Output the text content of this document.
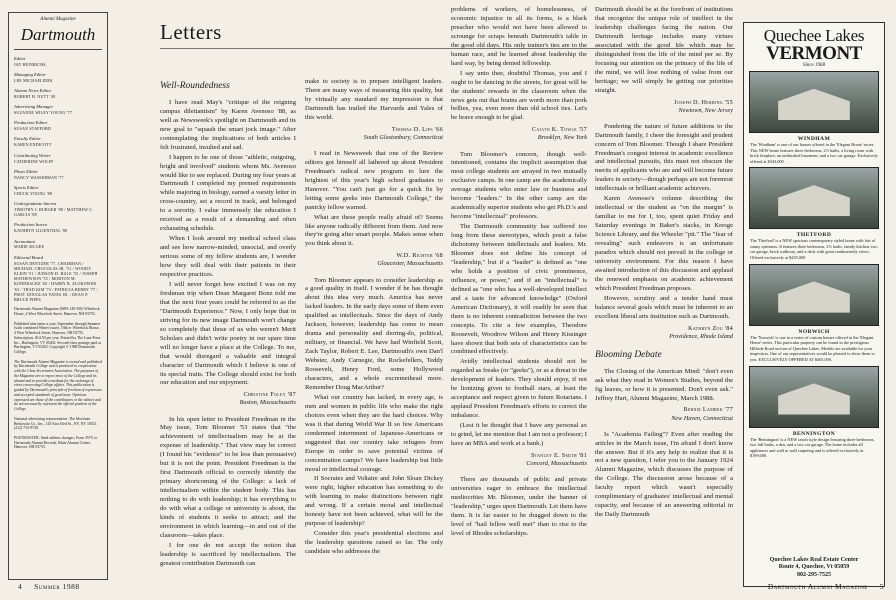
Alumni Magazine
Dartmouth
Editor
JAY HEINRICHS
Managing Editor
LEE MICHAELIDES
Alumni News Editor
ROBERT H. NUTT '49
Advertising Manager
SUZANNE WILEY YOUNG '77
Production Editor
SUSAN STAFFORD
Faculty Editor
KAREN ENDICOTT
Contributing Writer
CATHERINE WOLFF
Photo Editor
NANCY WASSERMAN '77
Sports Editor
CHUCK YOUNG '88
Undergraduate Interns
TIMOTHY J. BURGER '88 / MATTHEW C. GARCIA '88
Production Intern
KATHRYN LILIENTHAL '88
Accountant
MARIE MCGEE
Editorial Board
SUSAN DENTZER '77, CHAIRMAN / MICHAEL CHOCOLAS JR. '51 / WOODY KLEIN '51 / JUDSON D. HALE '55 / JOSEPH MATHEWSON '55 / MORTON M. KONDRACKE '60 / HARRY R. ZLOKOWER '63 / THAD KIM '73 / PATRICIA BERRY '77 / PROF. DOUGLAS YATES JR. / DEAN P. BRUCE PIPES
Dartmouth Alumni Magazine (ISPS 149-560) Wheelock House, 4 West Wheelock Street, Hanover, NH 03755.
Published nine times a year, September through Summer (with combined Winter issue). Office: Wheelock House, 4 West Wheelock Street, Hanover, NH 03755. Subscription, $14.50 per year. Printed by The Lane Press Inc., Burlington, VT 05402. Second-class postage paid at Burlington, VT 05402. Copyright © 1988 Dartmouth College.
The Dartmouth Alumni Magazine is owned and published by Dartmouth College and is produced in cooperation with the Class Secretaries Association. The purposes of the Magazine are to report news of the College and its alumni and to provide a medium for the exchange of views concerning College affairs. This publication is guided by Dartmouth's principle of freedom of expression and accepted standards of good taste. Opinions expressed are those of the contributors or the editors and do not necessarily represent the official position of the College.
National advertising representative: The Mortimer Berkowitz Co., Inc., 145 East 63rd St., NY, NY 10021. (212) 753-9740.
POSTMASTER: Send address changes, Form 3579, to Dartmouth Alumni Records, Blunt Alumni Center, Hanover, NH 03755.
Letters
Well-Roundedness

I have read May's "critique of the reigning campus dilettantism" by Karen Avenoso '88, as well as Newsweek's spotlight on Dartmouth and its new goal to "squash the smart jock image." After contemplating the implications of both articles I felt frustrated, insulted and sad.

I happen to be one of those "athletic, outgoing, bright and involved" students whom Ms. Avenoso would like to see replaced. During my four years at Dartmouth I completed my premed requirements while majoring in biology, earned a varsity letter in cross-country, set a record in track, and belonged to a sorority. I value immensely the education I received as a result of a demanding and often exhausting schedule.

When I look around my medical school class and see how narrow-minded, unsocial, and overly serious some of my fellow students are, I wonder how they will deal with their patients in their respective practices.

I will never forget how excited I was on my freshman trip when Dean Margaret Bonz told me that the next four years could be referred to as the "Dartmouth Experience." Now, I only hope that in striving for its new image Dartmouth won't change so completely that those of us who weren't Merit Scholars and didn't write poetry in our spare time will no longer have a place at the College. To me, that would disregard a valuable and integral character of Dartmouth which I believe is one of its special traits. The College should exist for both our education and our enjoyment.

Christine Foley '87
Boston, Massachusetts

In his open letter to President Freedman in the May issue, Tom Bloomer '53 states that "the achievement of intellectualism may be at the expense of leadership." That view may be correct (I found his "evidence" to be less than persuasive) but it is not the point. President Freedman is the first Dartmouth official to correctly identify the primary shortcoming of the College: a lack of intellectualism within the student body. This has nothing to do with leadership; it has everything to do with what a college or university is about, the kinds of students it seeks to attract; and the environment in which learning—in and out of the classroom—takes place.

I for one do not accept the notion that leadership is sacrificed by intellectualism. The greatest contribution Dartmouth can

make to society is to prepare intelligent leaders. There are many ways of measuring this quality, but by virtually any standard my impression is that Dartmouth has trailed the Harvards and Yales of this world.

Thomas D. Lips '66
South Glastonbury, Connecticut

I read in Newsweek that one of the Review editors got himself all lathered up about President Freedman's radical new program to lure the brightest of this year's high school graduates to Hanover. "You can't just go for a quick fix by letting some geeks into Dartmouth College," the panicky fellow warned.

What are these people really afraid of? Seems like anyone radically different from them. And now they're going after smart people. Makes sense when you think about it.

W.D. Richter '68
Gloucester, Massachusetts

Tom Bloomer appears to consider leadership as a good quality in itself. I wonder if he has thought about this idea very much. America has never lacked leaders. In the early days some of them even qualified as intellectuals. Since the days of Andy Jackson, however, leadership has come to mean drama and personality and derring-do, political, military, or financial. We have had Winfield Scott, Zack Taylor, Robert E. Lee, Dartmouth's own Dan'l Webster, Andy Carnegie, the Rockefellers, Teddy Roosevelt, Henry Ford, some Hollywood characters, and a whole excremethead more. Remember Doug MacArthur?

What our country has lacked, in every age, is men and women in public life who make the right choices even when they are the hard choices. Why was it that during World War II so few Americans condemned internment of Japanese-Americans or suggested that our country take refugees from Europe in order to save potential victims of concentration camps? We have leadership but little moral or intellectual courage.

If Socrates and Voltaire and John Sloan Dickey were right, higher education has something to do with learning to make distinctions between right and wrong. If a certain moral and intellectual honesty have not been achieved, what will be the purpose of leadership?

Consider this year's presidential elections and the leadership questions raised so far. The only candidate who addresses the

problems of workers, of homelessness, of economic injustice in all its forms, is a black preacher who would not have been allowed to scrounge for scraps beneath Dartmouth's table in the good old days. His only trainer's ties are to the human race, and he learned about leadership the hard way, by being denied fellowship.

I say unto thee, doubtful Thomas, you and I ought to be dancing in the streets, for great will be the students' rewards in the classroom when the news gets out that brains are worth more than pork bellies, yea, even more than old school ties. Let's be brave enough to be glad.

Calvin K. Towle '57
Brooklyn, New York

Tom Bloomer's concern, though well-intentioned, contains the implicit assumption that most college students are arrayed in two mutually exclusive camps. In one camp are the academically average students who enter law or business and become "leaders." In the other camp are the academically superior students who get Ph.D.'s and become "intellectual" professors.

The Dartmouth community has suffered too long from these stereotypes, which posit a false dichotomy between intellectuals and leaders. Mr. Bloomer does not define his concept of "leadership," but if a "leader" is defined as "one who holds a position of civic prominence, influence, or power," and if an "intellectual" is defined as "one who has a well-developed intellect and a taste for advanced knowledge" (Oxford American Dictionary), it will readily be seen that there is no inherent contradiction between the two concepts. To cite a few examples, Theodore Roosevelt, Woodrow Wilson and Henry Kissinger have shown that both sets of characteristics can be combined effectively.

Avidly intellectual students should not be regarded as freaks (or "geeks"), or as a threat to the development of leaders. They should enjoy, if not be lionizing given to football stars, at least the acceptance and respect given to future Rotarians. I applaud President Freedman's efforts to correct the imbalance.

(Lest it be thought that I have any personal ax to grind, let me mention that I am not a professor; I have an MBA and work at a bank.)

Stanley E. Smith '81
Concord, Massachusetts

There are thousands of public and private universities eager to embrace the intellectual mediocrities Mr. Bloomer, under the banner of "leadership," urges upon Dartmouth. Let them have them. It is far easier to be dragged down to the level of "hail fellow well met" than to rise to the level of Rhodes scholarships.

Dartmouth should be at the forefront of institutions that recognize the unique role of intellect in the leadership challenges facing the nation. Our Dartmouth heritage includes many virtues associated with the good life which may be distinguished from the life of the mind per se. By focusing our attention on the primacy of the life of the mind, we will lose nothing of value from our heritage; we will simply be getting our priorities straight.

Joseph D. Herring '55
Newtown, New Jersey

Pondering the nature of future additions to the Dartmouth family, I cheer the foresight and prudent concern of Tom Bloomer. Though I share President Freedman's congest interest in academic excellence and intellectual pursuits, this must not obscure the merits of applicants who are and will become future leaders in society—though perhaps are not foremost intellectuals or brilliant academic achievers.

Karen Avenoso's column describing the intellectual or the student as "on the margin" is familiar to me for I, too, spent quiet Friday and Saturday evenings in Baker's stacks, in Kresge Science Library, and the Wheeler "pit." The "fear of revealing" such endeavors is an unfortunate paradox which should not prevail in the college or university environment. For this reason I have awaited introduction of this discussion and applaud the renewed emphasis on academic achievement which President Freedman proposes.

However, scrutiny and a tender hand must balance several goals which must be inherent to an excellent liberal arts institution such as Dartmouth.

Kathryn Zou '84
Providence, Rhode Island
Blooming Debate

The Closing of the American Mind: "don't even ask what they read in Women's Studies, beyond the fig leaves, or how it is presented. Don't even ask." Jeffrey Hart, Alumni Magazine, March 1988.

Bernie Lambek '77
New Haven, Connecticut

Is "Academia Failing"? Even after reading the articles in the March issue, I'm afraid I don't know the answer. But if it's any help to realize that it is not a new question, I refer you to the January 1924 Alumni Magazine, which discusses the purpose of the College. The discussion arose because of a faculty report which wasn't especially complimentary of graduates' intellectual and mental capacity, and because of an answering editorial in the Daily Dartmouth

Quechee Lakes
VERMONT
Since 1968
WINDHAM
The 'Windham' is one of our homes offered in the 'Elegant Home' series. This NEW home features three bedrooms, 2½ baths, a living room with brick fireplace, an unfinished basement, and a two car garage. Exclusively offered at $343,000.
THETFORD
The 'Thetford' is a NEW spacious contemporary styled home with lots of sunny openness. It features three bedrooms, 2½ baths, family kitchen, two car garage, brick walkway, and a deck with great southeasterly views. Offered exclusively at $255,000.
NORWICH
The 'Norwich' is one in a series of custom homes offered in the 'Elegant Home' series. This particular property can be found in the prestigious Hillside Road section of Quechee Lakes. Models are available for your inspection. One of our representatives would be pleased to show them to you. EXCLUSIVELY OFFERED AT $405,000.
BENNINGTON
The 'Bennington' is a NEW ranch style design featuring three bedrooms, two full baths, a den, and a two car garage. The home includes all appliances and wall to wall carpeting and is offered exclusively at $199,000.
Quechee Lakes Real Estate Center
Route 4, Quechee, Vt 05059
802-295-7525
4 Summer 1988	Dartmouth Alumni Magazine 5
